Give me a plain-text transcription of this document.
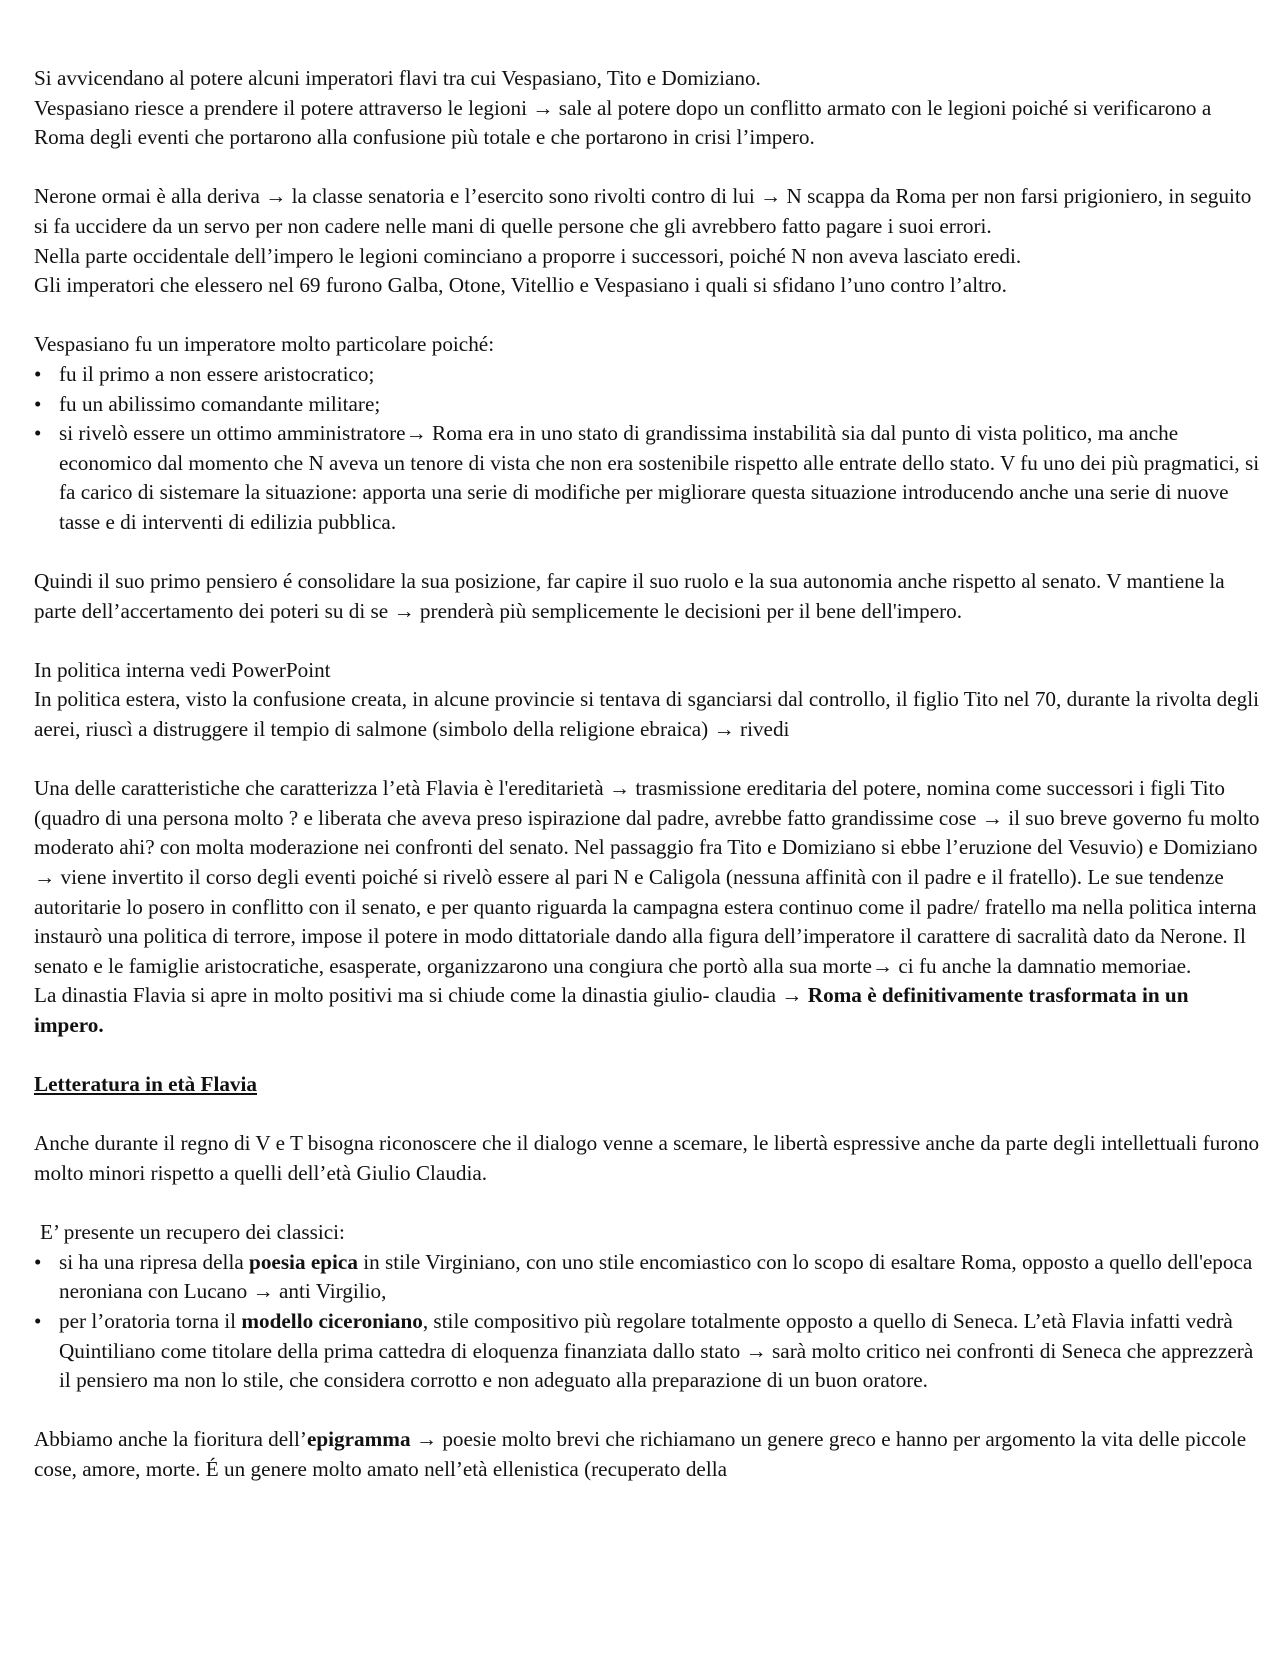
Si avvicendano al potere alcuni imperatori flavi tra cui Vespasiano, Tito e Domiziano.

Vespasiano riesce a prendere il potere attraverso le legioni → sale al potere dopo un conflitto armato con le legioni poiché si verificarono a Roma degli eventi che portarono alla confusione più totale e che portarono in crisi l’impero.

Nerone ormai è alla deriva → la classe senatoria e l’esercito sono rivolti contro di lui → N scappa da Roma per non farsi prigioniero, in seguito si fa uccidere da un servo per non cadere nelle mani di quelle persone che gli avrebbero fatto pagare i suoi errori.

Nella parte occidentale dell’impero le legioni cominciano a proporre i successori, poiché N non aveva lasciato eredi.

Gli imperatori che elessero nel 69 furono Galba, Otone, Vitellio e Vespasiano i quali si sfidano l’uno contro l’altro.

Vespasiano fu un imperatore molto particolare poiché:

• fu il primo a non essere aristocratico;
• fu un abilissimo comandante militare;
• si rivelò essere un ottimo amministratore→ Roma era in uno stato di grandissima instabilità sia dal punto di vista politico, ma anche economico dal momento che N aveva un tenore di vista che non era sostenibile rispetto alle entrate dello stato. V fu uno dei più pragmatici, si fa carico di sistemare la situazione: apporta una serie di modifiche per migliorare questa situazione introducendo anche una serie di nuove tasse e di interventi di edilizia pubblica.

Quindi il suo primo pensiero é consolidare la sua posizione, far capire il suo ruolo e la sua autonomia anche rispetto al senato. V mantiene la parte dell’accertamento dei poteri su di se → prenderà più semplicemente le decisioni per il bene dell'impero.

In politica interna vedi PowerPoint

In politica estera, visto la confusione creata, in alcune provincie si tentava di sganciarsi dal controllo, il figlio Tito nel 70, durante la rivolta degli aerei, riuscì a distruggere il tempio di salmone (simbolo della religione ebraica) → rivedi

Una delle caratteristiche che caratterizza l’età Flavia è l'ereditarietà → trasmissione ereditaria del potere, nomina come successori i figli Tito (quadro di una persona molto ? e liberata che aveva preso ispirazione dal padre, avrebbe fatto grandissime cose → il suo breve governo fu molto moderato ahi? con molta moderazione nei confronti del senato. Nel passaggio fra Tito e Domiziano si ebbe l’eruzione del Vesuvio) e Domiziano → viene invertito il corso degli eventi poiché si rivelò essere al pari N e Caligola (nessuna affinità con il padre e il fratello). Le sue tendenze autoritarie lo posero in conflitto con il senato, e per quanto riguarda la campagna estera continuo come il padre/ fratello ma nella politica interna instaurò una politica di terrore, impose il potere in modo dittatoriale dando alla figura dell’imperatore il carattere di sacralità dato da Nerone. Il senato e le famiglie aristocratiche, esasperate, organizzarono una congiura che portò alla sua morte→ ci fu anche la damnatio memoriae.

La dinastia Flavia si apre in molto positivi ma si chiude come la dinastia giulio- claudia → Roma è definitivamente trasformata in un impero.

Letteratura in età Flavia

Anche durante il regno di V e T bisogna riconoscere che il dialogo venne a scemare, le libertà espressive anche da parte degli intellettuali furono molto minori rispetto a quelli dell’età Giulio Claudia.

E’ presente un recupero dei classici:

• si ha una ripresa della poesia epica in stile Virginiano, con uno stile encomiastico con lo scopo di esaltare Roma, opposto a quello dell'epoca neroniana con Lucano → anti Virgilio,
• per l’oratoria torna il modello ciceroniano, stile compositivo più regolare totalmente opposto a quello di Seneca. L’età Flavia infatti vedrà Quintiliano come titolare della prima cattedra di eloquenza finanziata dallo stato → sarà molto critico nei confronti di Seneca che apprezzerà il pensiero ma non lo stile, che considera corrotto e non adeguato alla preparazione di un buon oratore.

Abbiamo anche la fioritura dell’epigramma → poesie molto brevi che richiamano un genere greco e hanno per argomento la vita delle piccole cose, amore, morte. É un genere molto amato nell’età ellenistica (recuperato della
